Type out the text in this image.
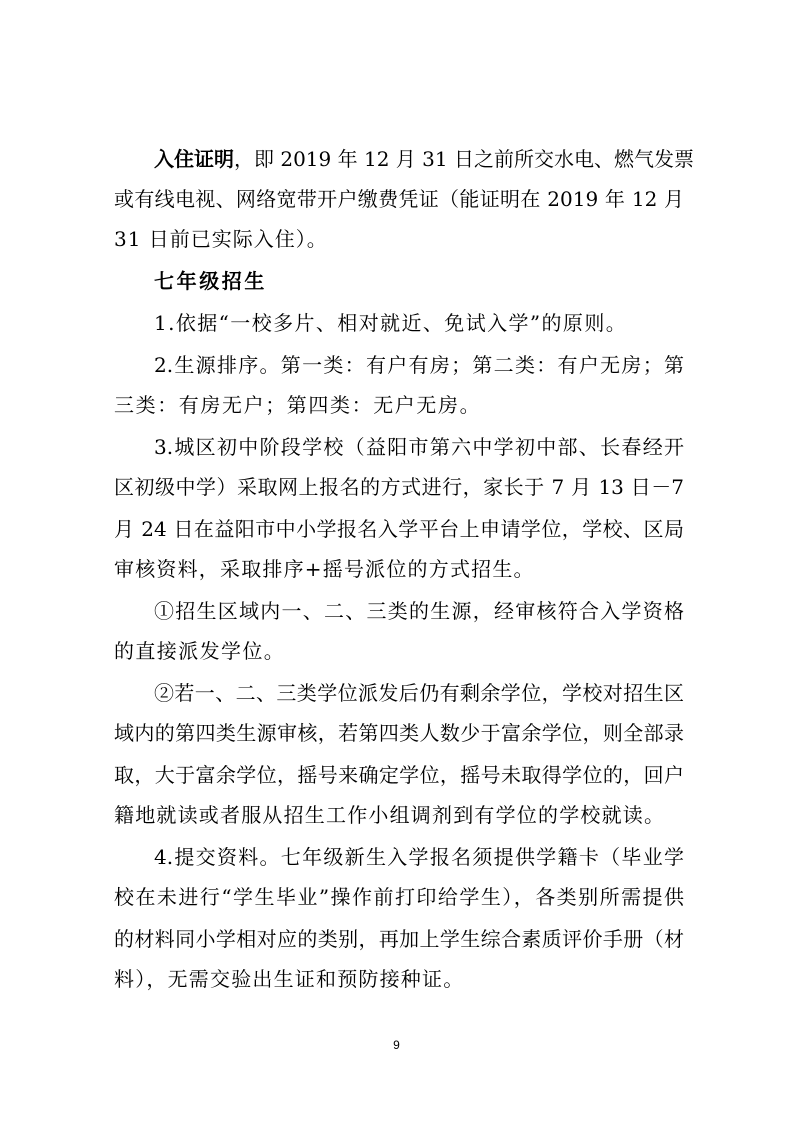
入住证明，即 2019 年 12 月 31 日之前所交水电、燃气发票
或有线电视、网络宽带开户缴费凭证（能证明在 2019 年 12 月
31 日前已实际入住）。
七年级招生
1.依据“一校多片、相对就近、免试入学”的原则。
2.生源排序。第一类：有户有房；第二类：有户无房；第
三类：有房无户；第四类：无户无房。
3.城区初中阶段学校（益阳市第六中学初中部、长春经开
区初级中学）采取网上报名的方式进行，家长于 7 月 13 日－7
月 24 日在益阳市中小学报名入学平台上申请学位，学校、区局
审核资料，采取排序+摇号派位的方式招生。
①招生区域内一、二、三类的生源，经审核符合入学资格
的直接派发学位。
②若一、二、三类学位派发后仍有剩余学位，学校对招生区
域内的第四类生源审核，若第四类人数少于富余学位，则全部录
取，大于富余学位，摇号来确定学位，摇号未取得学位的，回户
籍地就读或者服从招生工作小组调剂到有学位的学校就读。
4.提交资料。七年级新生入学报名须提供学籍卡（毕业学
校在未进行“学生毕业”操作前打印给学生），各类别所需提供
的材料同小学相对应的类别，再加上学生综合素质评价手册（材
料），无需交验出生证和预防接种证。
9
